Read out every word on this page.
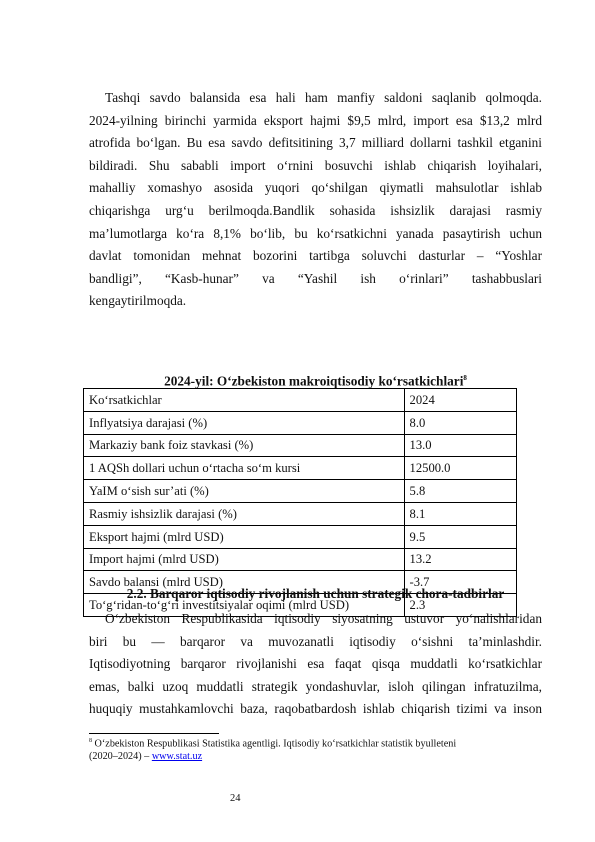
Tashqi savdo balansida esa hali ham manfiy saldoni saqlanib qolmoqda.
2024-yilning birinchi yarmida eksport hajmi $9,5 mlrd, import esa $13,2 mlrd
atrofida bo‘lgan. Bu esa savdo defitsitining 3,7 milliard dollarni tashkil etganini
bildiradi. Shu sababli import o‘rnini bosuvchi ishlab chiqarish loyihalari,
mahalliy xomashyo asosida yuqori qo‘shilgan qiymatli mahsulotlar ishlab
chiqarishga urg‘u berilmoqda.Bandlik sohasida ishsizlik darajasi rasmiy
ma’lumotlarga ko‘ra 8,1% bo‘lib, bu ko‘rsatkichni yanada pasaytirish uchun
davlat tomonidan mehnat bozorini tartibga soluvchi dasturlar – “Yoshlar
bandligi”, “Kasb-hunar” va “Yashil ish o‘rinlari” tashabbuslari
kengaytirilmoqda.
2024-yil: O‘zbekiston makroiqtisodiy ko‘rsatkichlari$^8$
Ko‘rsatkichlar	2024
Inflyatsiya darajasi (%)	8.0
Markaziy bank foiz stavkasi (%)	13.0
1 AQSh dollari uchun o‘rtacha so‘m kursi	12500.0
YaIM o‘sish sur’ati (%)	5.8
Rasmiy ishsizlik darajasi (%)	8.1
Eksport hajmi (mlrd USD)	9.5
Import hajmi (mlrd USD)	13.2
Savdo balansi (mlrd USD)	-3.7
To‘g‘ridan-to‘g‘ri investitsiyalar oqimi (mlrd USD)	2.3
2.2. Barqaror iqtisodiy rivojlanish uchun strategik chora-tadbirlar
O‘zbekiston Respublikasida iqtisodiy siyosatning ustuvor yo‘nalishlaridan
biri bu — barqaror va muvozanatli iqtisodiy o‘sishni ta’minlashdir.
Iqtisodiyotning barqaror rivojlanishi esa faqat qisqa muddatli ko‘rsatkichlar
emas, balki uzoq muddatli strategik yondashuvlar, isloh qilingan infratuzilma,
huquqiy mustahkamlovchi baza, raqobatbardosh ishlab chiqarish tizimi va inson
$^8$ O‘zbekiston Respublikasi Statistika agentligi. Iqtisodiy ko‘rsatkichlar statistik byulleteni
(2020–2024) – www.stat.uz
24
